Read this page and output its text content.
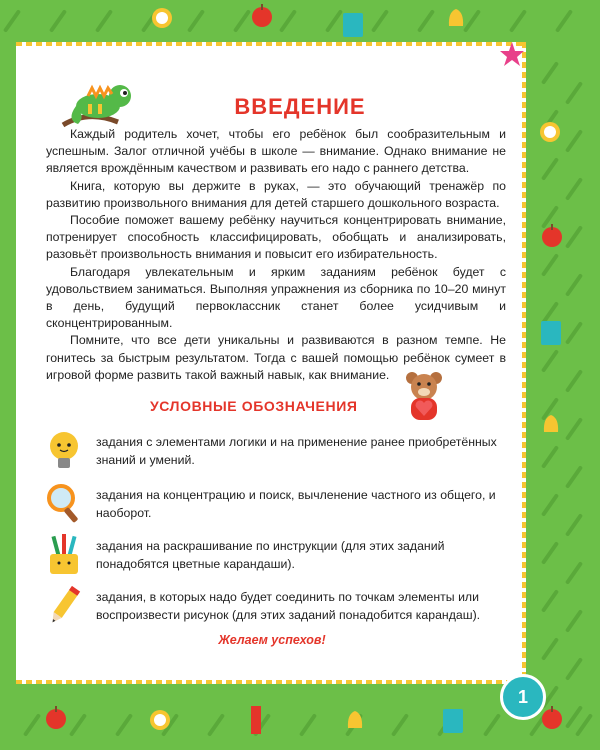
ВВЕДЕНИЕ

Каждый родитель хочет, чтобы его ребёнок был сообразительным и успешным. Залог отличной учёбы в школе — внимание. Однако внимание не является врождённым качеством и развивать его надо с раннего детства.

Книга, которую вы держите в руках, — это обучающий тренажёр по развитию произвольного внимания для детей старшего дошкольного возраста.

Пособие поможет вашему ребёнку научиться концентрировать внимание, потренирует способность классифицировать, обобщать и анализировать, разовьёт произвольность внимания и повысит его избирательность.

Благодаря увлекательным и ярким заданиям ребёнок будет с удовольствием заниматься. Выполняя упражнения из сборника по 10–20 минут в день, будущий первоклассник станет более усидчивым и сконцентрированным.

Помните, что все дети уникальны и развиваются в разном темпе. Не гонитесь за быстрым результатом. Тогда с вашей помощью ребёнок сумеет в игровой форме развить такой важный навык, как внимание.

УСЛОВНЫЕ ОБОЗНАЧЕНИЯ
задания с элементами логики и на применение ранее приобретённых знаний и умений.
задания на концентрацию и поиск, вычленение частного из общего, и наоборот.
задания на раскрашивание по инструкции (для этих заданий понадобятся цветные карандаши).
задания, в которых надо будет соединить по точкам элементы или воспроизвести рисунок (для этих заданий понадобится карандаш).
Желаем успехов!
1
